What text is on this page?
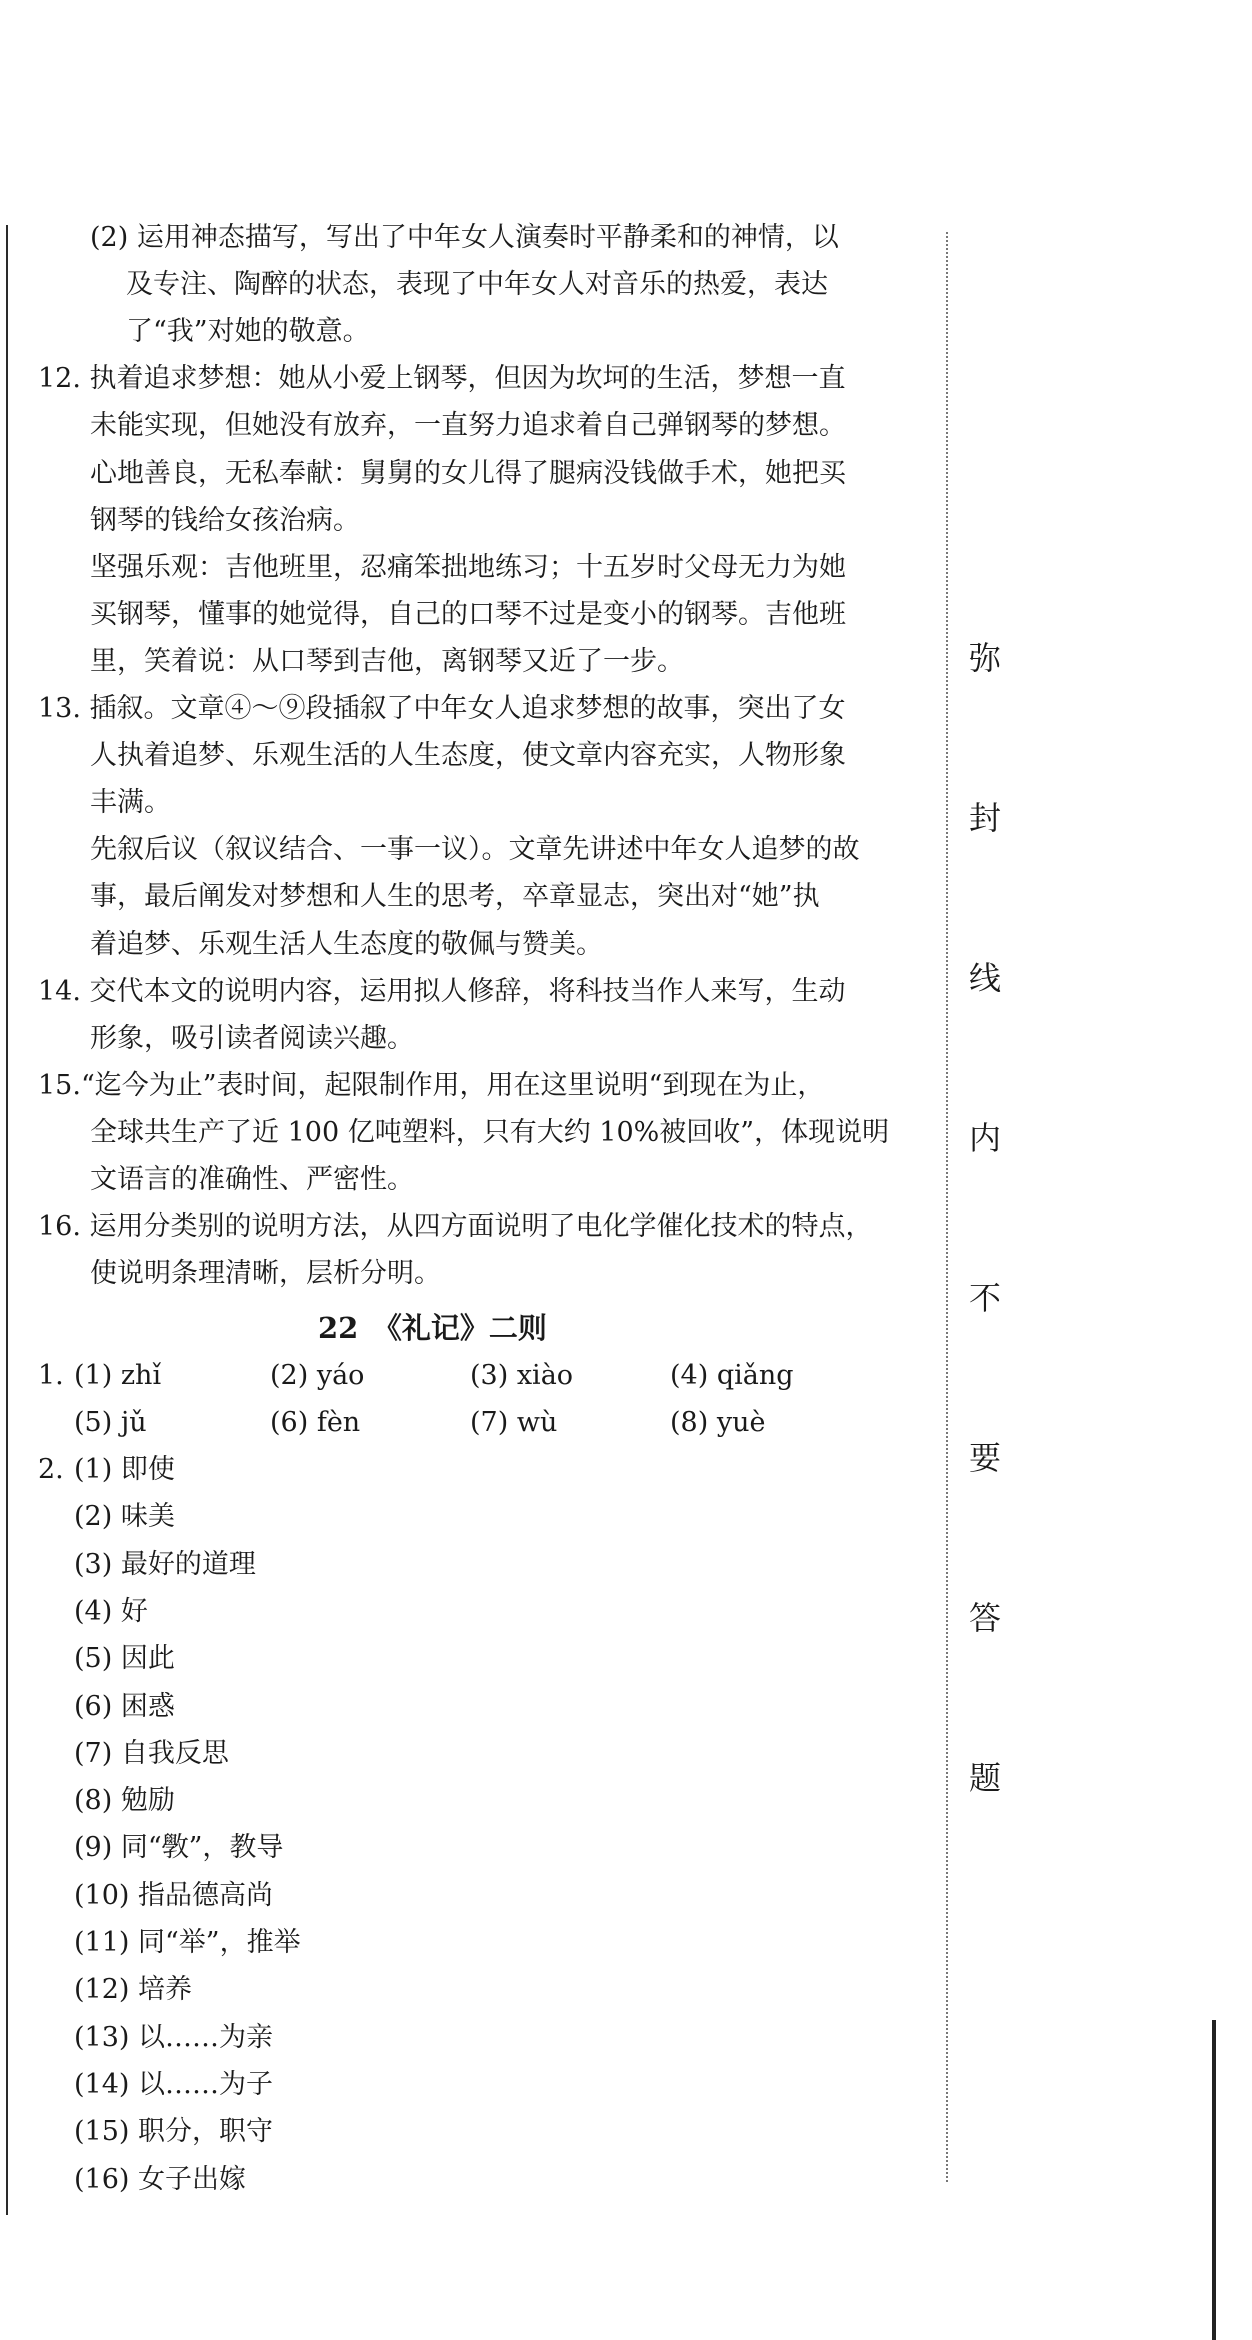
弥
封
线
内
不
要
答
题
(2) 运用神态描写，写出了中年女人演奏时平静柔和的神情，以
及专注、陶醉的状态，表现了中年女人对音乐的热爱，表达
了“我”对她的敬意。
12. 执着追求梦想：她从小爱上钢琴，但因为坎坷的生活，梦想一直
未能实现，但她没有放弃，一直努力追求着自己弹钢琴的梦想。
心地善良，无私奉献：舅舅的女儿得了腿病没钱做手术，她把买
钢琴的钱给女孩治病。
坚强乐观：吉他班里，忍痛笨拙地练习；十五岁时父母无力为她
买钢琴，懂事的她觉得，自己的口琴不过是变小的钢琴。吉他班
里，笑着说：从口琴到吉他，离钢琴又近了一步。
13. 插叙。文章④～⑨段插叙了中年女人追求梦想的故事，突出了女
人执着追梦、乐观生活的人生态度，使文章内容充实，人物形象
丰满。
先叙后议（叙议结合、一事一议）。文章先讲述中年女人追梦的故
事，最后阐发对梦想和人生的思考，卒章显志，突出对“她”执
着追梦、乐观生活人生态度的敬佩与赞美。
14. 交代本文的说明内容，运用拟人修辞，将科技当作人来写，生动
形象，吸引读者阅读兴趣。
15.“迄今为止”表时间，起限制作用，用在这里说明“到现在为止，
全球共生产了近 100 亿吨塑料，只有大约 10%被回收”，体现说明
文语言的准确性、严密性。
16. 运用分类别的说明方法，从四方面说明了电化学催化技术的特点，
使说明条理清晰，层析分明。
22　《礼记》二则
1. (1) zhǐ	(2) yáo	(3) xiào	(4) qiǎng
(5) jǔ	(6) fèn	(7) wù	(8) yuè
2. (1) 即使
(2) 味美
(3) 最好的道理
(4) 好
(5) 因此
(6) 困惑
(7) 自我反思
(8) 勉励
(9) 同“斆”，教导
(10) 指品德高尚
(11) 同“举”，推举
(12) 培养
(13) 以……为亲
(14) 以……为子
(15) 职分，职守
(16) 女子出嫁
